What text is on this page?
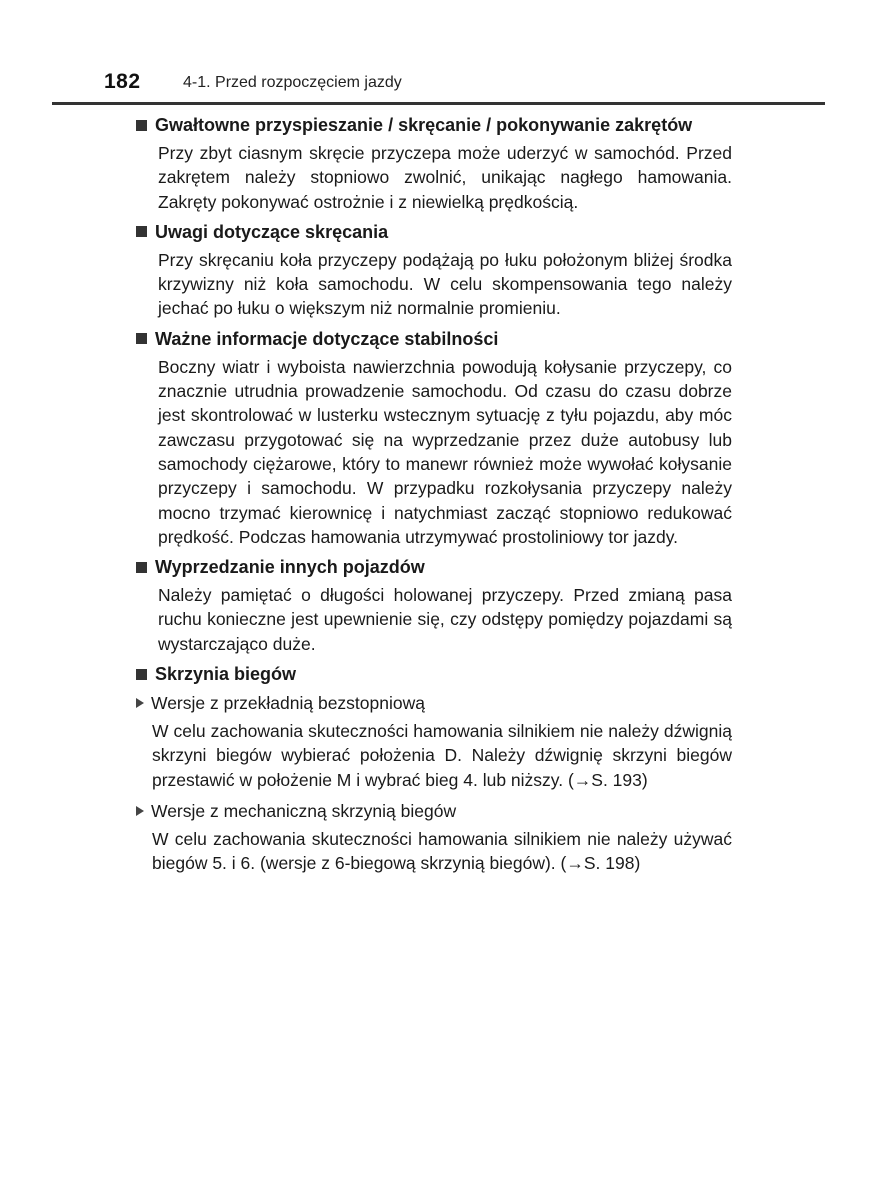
182	4-1. Przed rozpoczęciem jazdy
Gwałtowne przyspieszanie / skręcanie / pokonywanie zakrętów

Przy zbyt ciasnym skręcie przyczepa może uderzyć w samochód. Przed zakrętem należy stopniowo zwolnić, unikając nagłego hamowania. Zakręty pokonywać ostrożnie i z niewielką prędkością.

Uwagi dotyczące skręcania

Przy skręcaniu koła przyczepy podążają po łuku położonym bliżej środka krzywizny niż koła samochodu. W celu skompensowania tego należy jechać po łuku o większym niż normalnie promieniu.

Ważne informacje dotyczące stabilności

Boczny wiatr i wyboista nawierzchnia powodują kołysanie przyczepy, co znacznie utrudnia prowadzenie samochodu. Od czasu do czasu dobrze jest skontrolować w lusterku wstecznym sytuację z tyłu pojazdu, aby móc zawczasu przygotować się na wyprzedzanie przez duże autobusy lub samochody ciężarowe, który to manewr również może wywołać kołysanie przyczepy i samochodu. W przypadku rozkołysania przyczepy należy mocno trzymać kierownicę i natychmiast zacząć stopniowo redukować prędkość. Podczas hamowania utrzymywać prostoliniowy tor jazdy.

Wyprzedzanie innych pojazdów

Należy pamiętać o długości holowanej przyczepy. Przed zmianą pasa ruchu konieczne jest upewnienie się, czy odstępy pomiędzy pojazdami są wystarczająco duże.

Skrzynia biegów
Wersje z przekładnią bezstopniową

W celu zachowania skuteczności hamowania silnikiem nie należy dźwignią skrzyni biegów wybierać położenia D. Należy dźwignię skrzyni biegów przestawić w położenie M i wybrać bieg 4. lub niższy. (→S. 193)

Wersje z mechaniczną skrzynią biegów

W celu zachowania skuteczności hamowania silnikiem nie należy używać biegów 5. i 6. (wersje z 6-biegową skrzynią biegów). (→S. 198)
